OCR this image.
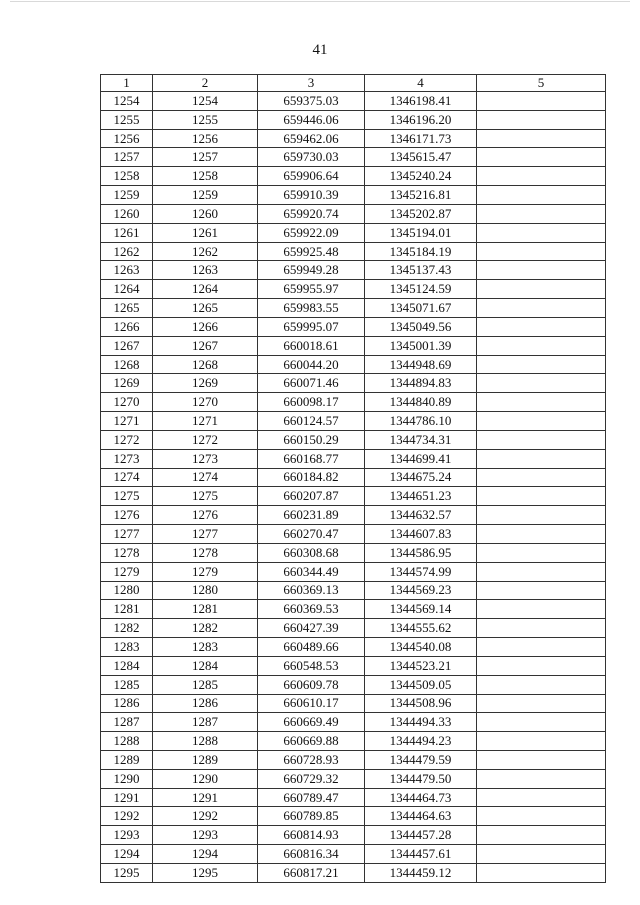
41
1	2	3	4	5
1254	1254	659375.03	1346198.41	
1255	1255	659446.06	1346196.20	
1256	1256	659462.06	1346171.73	
1257	1257	659730.03	1345615.47	
1258	1258	659906.64	1345240.24	
1259	1259	659910.39	1345216.81	
1260	1260	659920.74	1345202.87	
1261	1261	659922.09	1345194.01	
1262	1262	659925.48	1345184.19	
1263	1263	659949.28	1345137.43	
1264	1264	659955.97	1345124.59	
1265	1265	659983.55	1345071.67	
1266	1266	659995.07	1345049.56	
1267	1267	660018.61	1345001.39	
1268	1268	660044.20	1344948.69	
1269	1269	660071.46	1344894.83	
1270	1270	660098.17	1344840.89	
1271	1271	660124.57	1344786.10	
1272	1272	660150.29	1344734.31	
1273	1273	660168.77	1344699.41	
1274	1274	660184.82	1344675.24	
1275	1275	660207.87	1344651.23	
1276	1276	660231.89	1344632.57	
1277	1277	660270.47	1344607.83	
1278	1278	660308.68	1344586.95	
1279	1279	660344.49	1344574.99	
1280	1280	660369.13	1344569.23	
1281	1281	660369.53	1344569.14	
1282	1282	660427.39	1344555.62	
1283	1283	660489.66	1344540.08	
1284	1284	660548.53	1344523.21	
1285	1285	660609.78	1344509.05	
1286	1286	660610.17	1344508.96	
1287	1287	660669.49	1344494.33	
1288	1288	660669.88	1344494.23	
1289	1289	660728.93	1344479.59	
1290	1290	660729.32	1344479.50	
1291	1291	660789.47	1344464.73	
1292	1292	660789.85	1344464.63	
1293	1293	660814.93	1344457.28	
1294	1294	660816.34	1344457.61	
1295	1295	660817.21	1344459.12	
